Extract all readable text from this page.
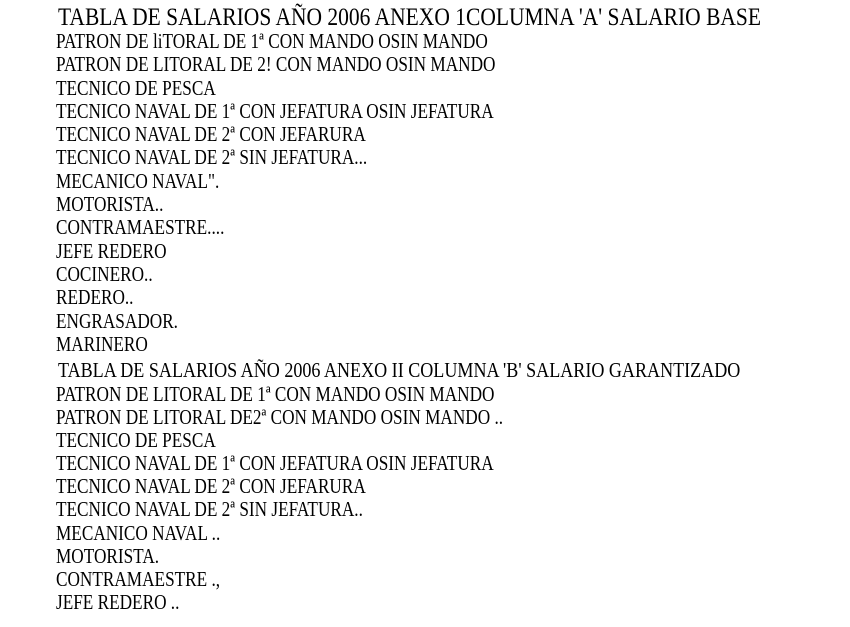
TABLA DE SALARIOS AÑO 2006 ANEXO 1COLUMNA 'A' SALARIO BASE
PATRON DE liTORAL DE 1ª CON MANDO OSIN MANDO
PATRON DE LITORAL DE 2! CON MANDO OSIN MANDO
TECNICO DE PESCA
TECNICO NAVAL DE 1ª CON JEFATURA OSIN JEFATURA
TECNICO NAVAL DE 2ª CON JEFARURA
TECNICO NAVAL DE 2ª SIN JEFATURA...
MECANICO NAVAL".
MOTORISTA..
CONTRAMAESTRE....
JEFE REDERO
COCINERO..
REDERO..
ENGRASADOR.
MARINERO
TABLA DE SALARIOS AÑO 2006 ANEXO II COLUMNA 'B' SALARIO GARANTIZADO
PATRON DE LITORAL DE 1ª CON MANDO OSIN MANDO
PATRON DE LITORAL DE2ª CON MANDO OSIN MANDO ..
TECNICO DE PESCA
TECNICO NAVAL DE 1ª CON JEFATURA OSIN JEFATURA
TECNICO NAVAL DE 2ª CON JEFARURA
TECNICO NAVAL DE 2ª SIN JEFATURA..
MECANICO NAVAL ..
MOTORISTA.
CONTRAMAESTRE .,
JEFE REDERO ..
